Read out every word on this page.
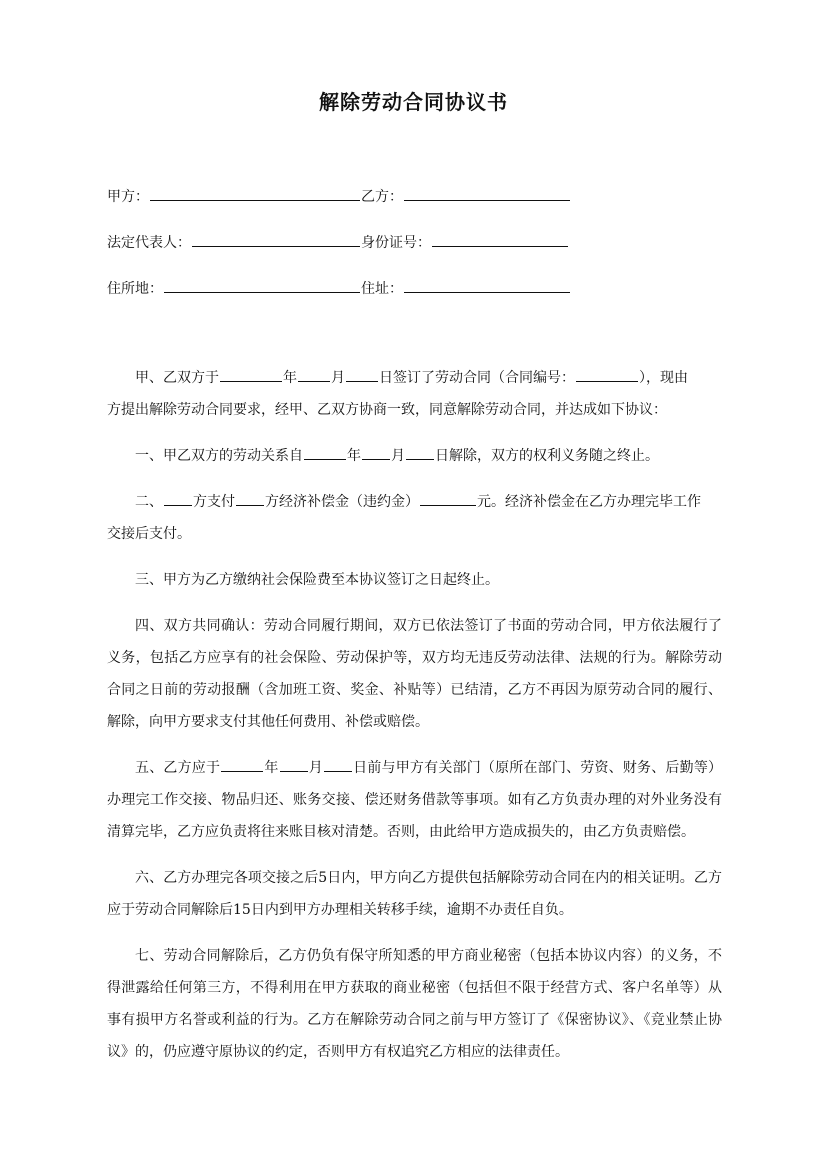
解除劳动合同协议书
甲方：	乙方：
法定代表人：	身份证号：
住所地：	住址：

甲、乙双方于	年 月 日签订了劳动合同（合同编号：	），现由

方提出解除劳动合同要求，经甲、乙双方协商一致，同意解除劳动合同，并达成如下协议：

一、甲乙双方的劳动关系自	年 月 日解除，双方的权利义务随之终止。

二、 方支付 方经济补偿金（违约金）	元。经济补偿金在乙方办理完毕工作

交接后支付。

三、甲方为乙方缴纳社会保险费至本协议签订之日起终止。

四、双方共同确认：劳动合同履行期间，双方已依法签订了书面的劳动合同，甲方依法履行了义务，包括乙方应享有的社会保险、劳动保护等，双方均无违反劳动法律、法规的行为。解除劳动合同之日前的劳动报酬（含加班工资、奖金、补贴等）已结清，乙方不再因为原劳动合同的履行、解除，向甲方要求支付其他任何费用、补偿或赔偿。

五、乙方应于	年 月 日前与甲方有关部门（原所在部门、劳资、财务、后勤等）办理完工作交接、物品归还、账务交接、偿还财务借款等事项。如有乙方负责办理的对外业务没有清算完毕，乙方应负责将往来账目核对清楚。否则，由此给甲方造成损失的，由乙方负责赔偿。

六、乙方办理完各项交接之后5日内，甲方向乙方提供包括解除劳动合同在内的相关证明。乙方应于劳动合同解除后15日内到甲方办理相关转移手续，逾期不办责任自负。

七、劳动合同解除后，乙方仍负有保守所知悉的甲方商业秘密（包括本协议内容）的义务，不得泄露给任何第三方，不得利用在甲方获取的商业秘密（包括但不限于经营方式、客户名单等）从事有损甲方名誉或利益的行为。乙方在解除劳动合同之前与甲方签订了《保密协议》、《竞业禁止协议》的，仍应遵守原协议的约定，否则甲方有权追究乙方相应的法律责任。
